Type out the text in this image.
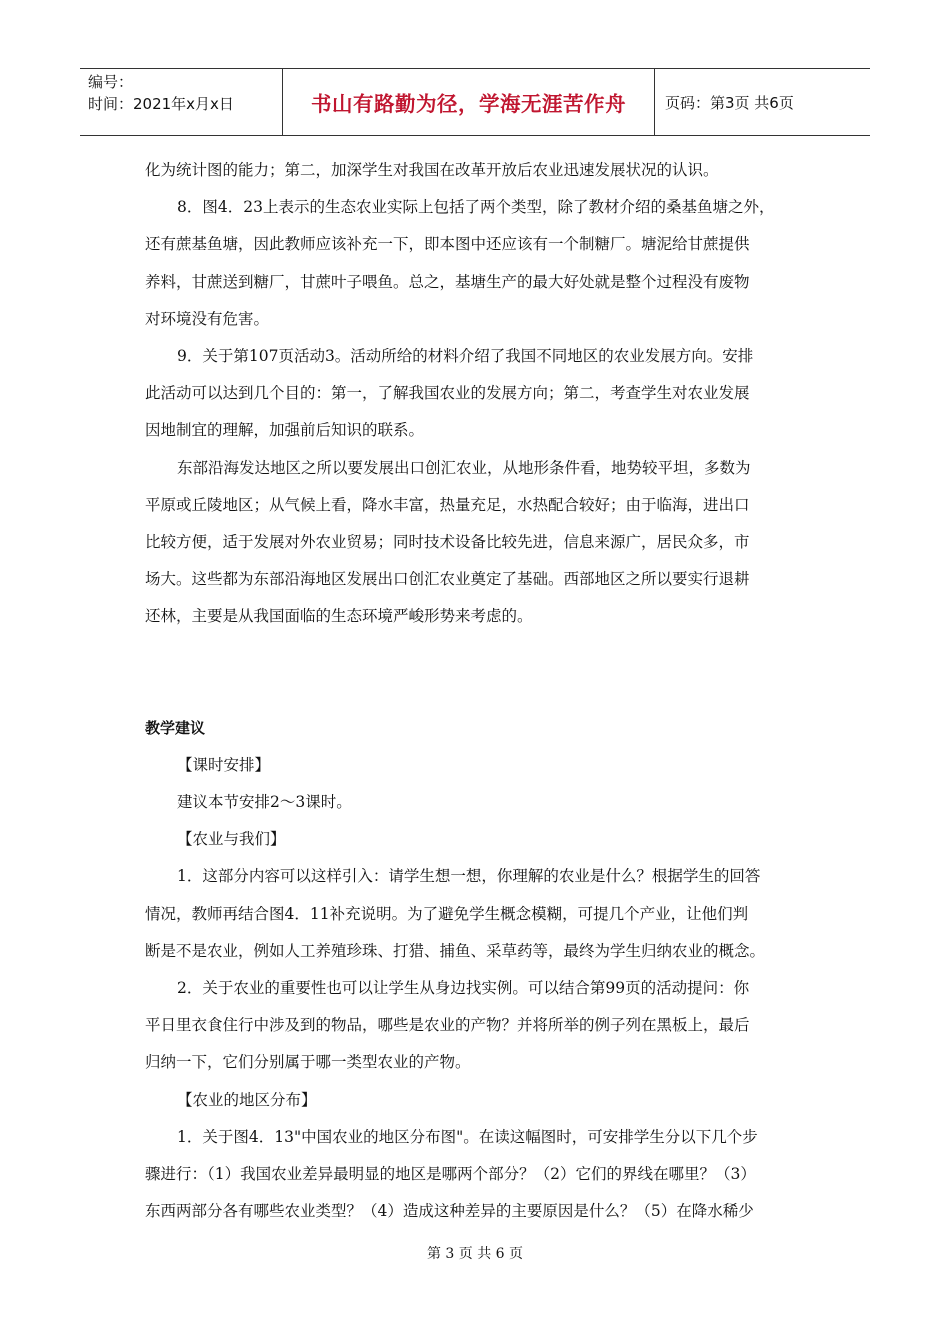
编号：
时间：2021年x月x日	书山有路勤为径，学海无涯苦作舟	页码：第3页 共6页

化为统计图的能力；第二，加深学生对我国在改革开放后农业迅速发展状况的认识。

8．图4．23上表示的生态农业实际上包括了两个类型，除了教材介绍的桑基鱼塘之外，

还有蔗基鱼塘，因此教师应该补充一下，即本图中还应该有一个制糖厂。塘泥给甘蔗提供

养料，甘蔗送到糖厂，甘蔗叶子喂鱼。总之，基塘生产的最大好处就是整个过程没有废物

对环境没有危害。

9．关于第107页活动3。活动所给的材料介绍了我国不同地区的农业发展方向。安排

此活动可以达到几个目的：第一，了解我国农业的发展方向；第二，考查学生对农业发展

因地制宜的理解，加强前后知识的联系。

东部沿海发达地区之所以要发展出口创汇农业，从地形条件看，地势较平坦，多数为

平原或丘陵地区；从气候上看，降水丰富，热量充足，水热配合较好；由于临海，进出口

比较方便，适于发展对外农业贸易；同时技术设备比较先进，信息来源广，居民众多，市

场大。这些都为东部沿海地区发展出口创汇农业奠定了基础。西部地区之所以要实行退耕

还林，主要是从我国面临的生态环境严峻形势来考虑的。

教学建议

【课时安排】

建议本节安排2～3课时。

【农业与我们】

1．这部分内容可以这样引入：请学生想一想，你理解的农业是什么？根据学生的回答

情况，教师再结合图4．11补充说明。为了避免学生概念模糊，可提几个产业，让他们判

断是不是农业，例如人工养殖珍珠、打猎、捕鱼、采草药等，最终为学生归纳农业的概念。

2．关于农业的重要性也可以让学生从身边找实例。可以结合第99页的活动提问：你

平日里衣食住行中涉及到的物品，哪些是农业的产物？并将所举的例子列在黑板上，最后

归纳一下，它们分别属于哪一类型农业的产物。

【农业的地区分布】

1．关于图4．13"中国农业的地区分布图"。在读这幅图时，可安排学生分以下几个步

骤进行：（1）我国农业差异最明显的地区是哪两个部分？（2）它们的界线在哪里？（3）

东西两部分各有哪些农业类型？（4）造成这种差异的主要原因是什么？（5）在降水稀少

第 3 页 共 6 页
